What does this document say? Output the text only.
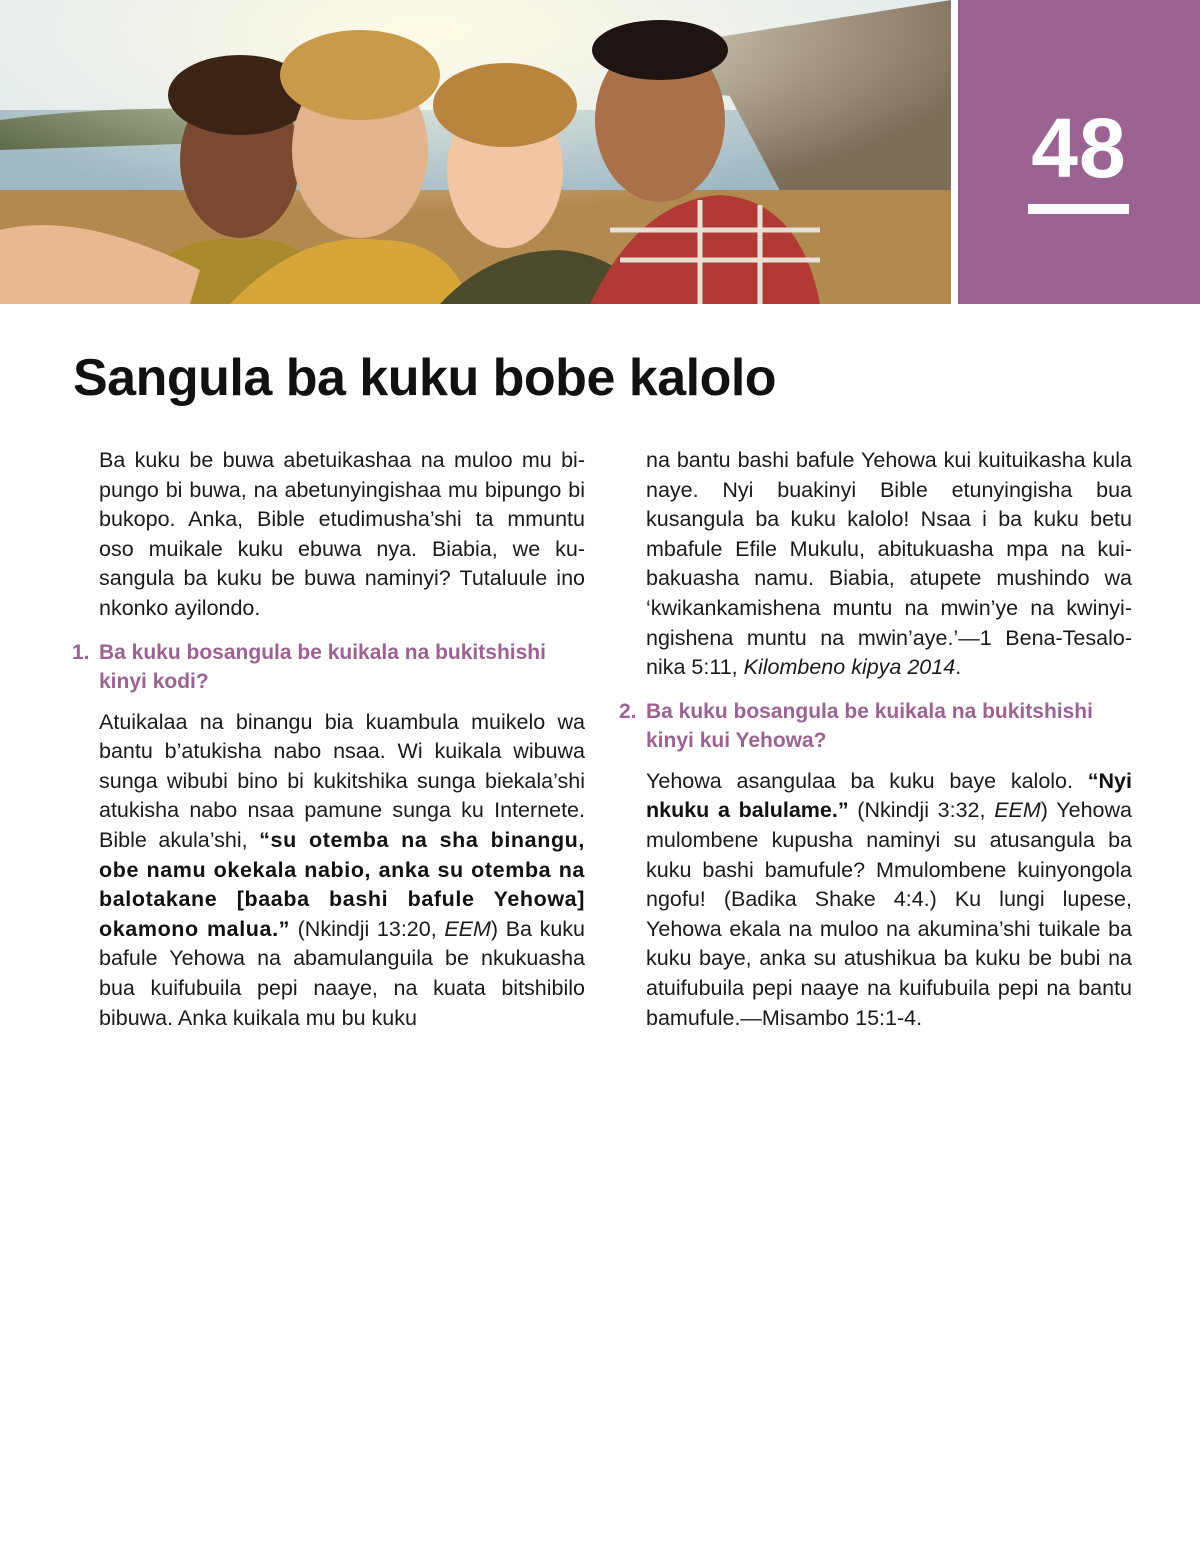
48
Sangula ba kuku bobe kalolo

Ba kuku be buwa abetuikashaa na muloo mu bipungo bi buwa, na abetunyingishaa mu bipungo bi bukopo. Anka, Bible etudimusha’shi ta mmuntu oso muikale kuku ebuwa nya. Biabia, we kusangula ba kuku be buwa naminyi? Tutaluule ino nkonko ayilondo.

1. Ba kuku bosangula be kuikala na bukitshishi kinyi kodi?

Atuikalaa na binangu bia kuambula muikelo wa bantu b’atukisha nabo nsaa. Wi kuikala wibuwa sunga wibubi bino bi kukitshika sunga biekala’shi atukisha nabo nsaa pamune sunga ku Internete. Bible akula’shi, “su otemba na sha binangu, obe namu okekala nabio, anka su otemba na balotakane [baaba bashi bafule Yehowa] okamono malua.” (Nkindji 13:20, EEM) Ba kuku bafule Yehowa na abamulanguila be nkukuasha bua kuifubuila pepi naaye, na kuata bitshibilo bibuwa. Anka kuikala mu bu kuku

na bantu bashi bafule Yehowa kui kuituikasha kula naye. Nyi buakinyi Bible etunyingisha bua kusangula ba kuku kalolo! Nsaa i ba kuku betu mbafule Efile Mukulu, abitukuasha mpa na kuibakuasha namu. Biabia, atupete mushindo wa ‘kwikankamishena muntu na mwin’ye na kwinyingishena muntu na mwin’aye.’—1 Bena-Tesalonika 5:11, Kilombeno kipya 2014.

2. Ba kuku bosangula be kuikala na bukitshishi kinyi kui Yehowa?

Yehowa asangulaa ba kuku baye kalolo. “Nyi nkuku a balulame.” (Nkindji 3:32, EEM) Yehowa mulombene kupusha naminyi su atusangula ba kuku bashi bamufule? Mmulombene kuinyongola ngofu! (Badika Shake 4:4.) Ku lungi lupese, Yehowa ekala na muloo na akumina’shi tuikale ba kuku baye, anka su atushikua ba kuku be bubi na atuifubuila pepi naaye na kuifubuila pepi na bantu bamufule.—Misambo 15:1-4.
